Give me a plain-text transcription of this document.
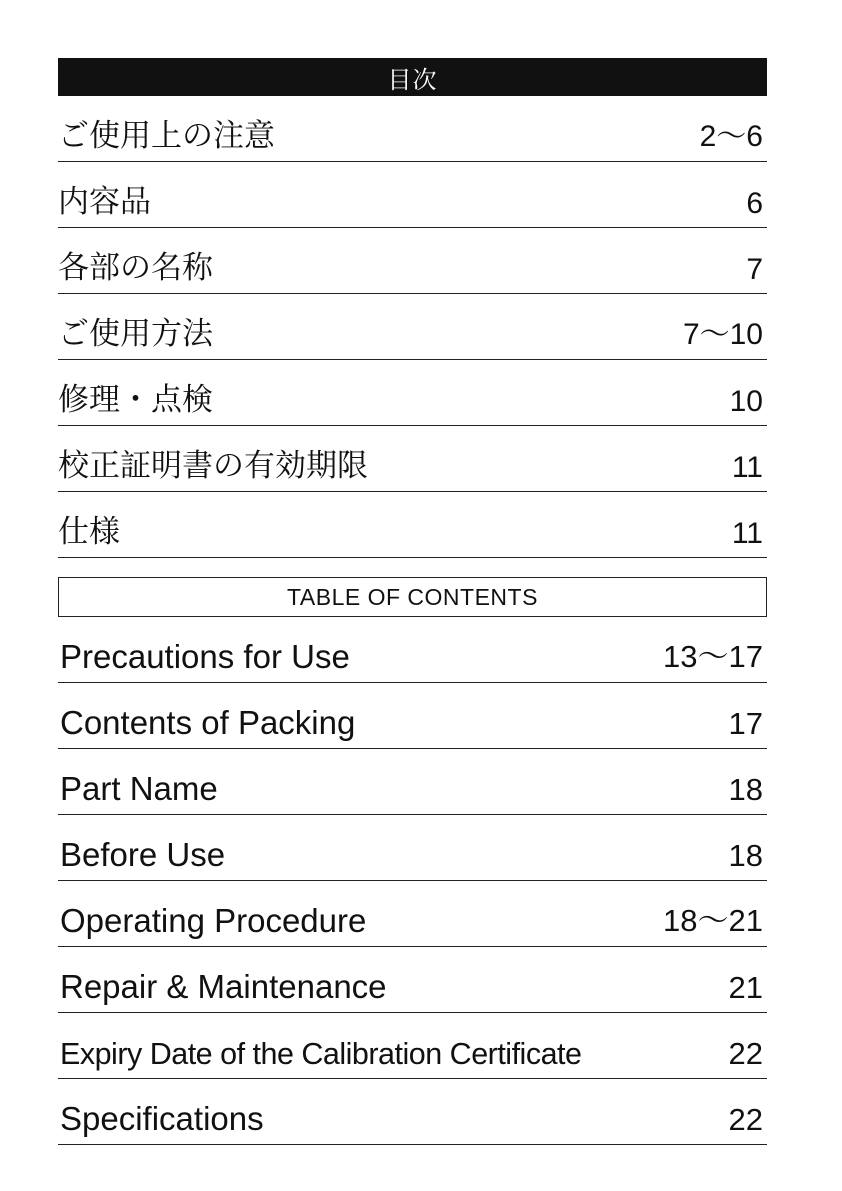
目次
ご使用上の注意	2〜6
内容品	6
各部の名称	7
ご使用方法	7〜10
修理・点検	10
校正証明書の有効期限	11
仕様	11
TABLE OF CONTENTS
Precautions for Use	13〜17
Contents of Packing	17
Part Name	18
Before Use	18
Operating Procedure	18〜21
Repair & Maintenance	21
Expiry Date of the Calibration Certificate	22
Specifications	22
